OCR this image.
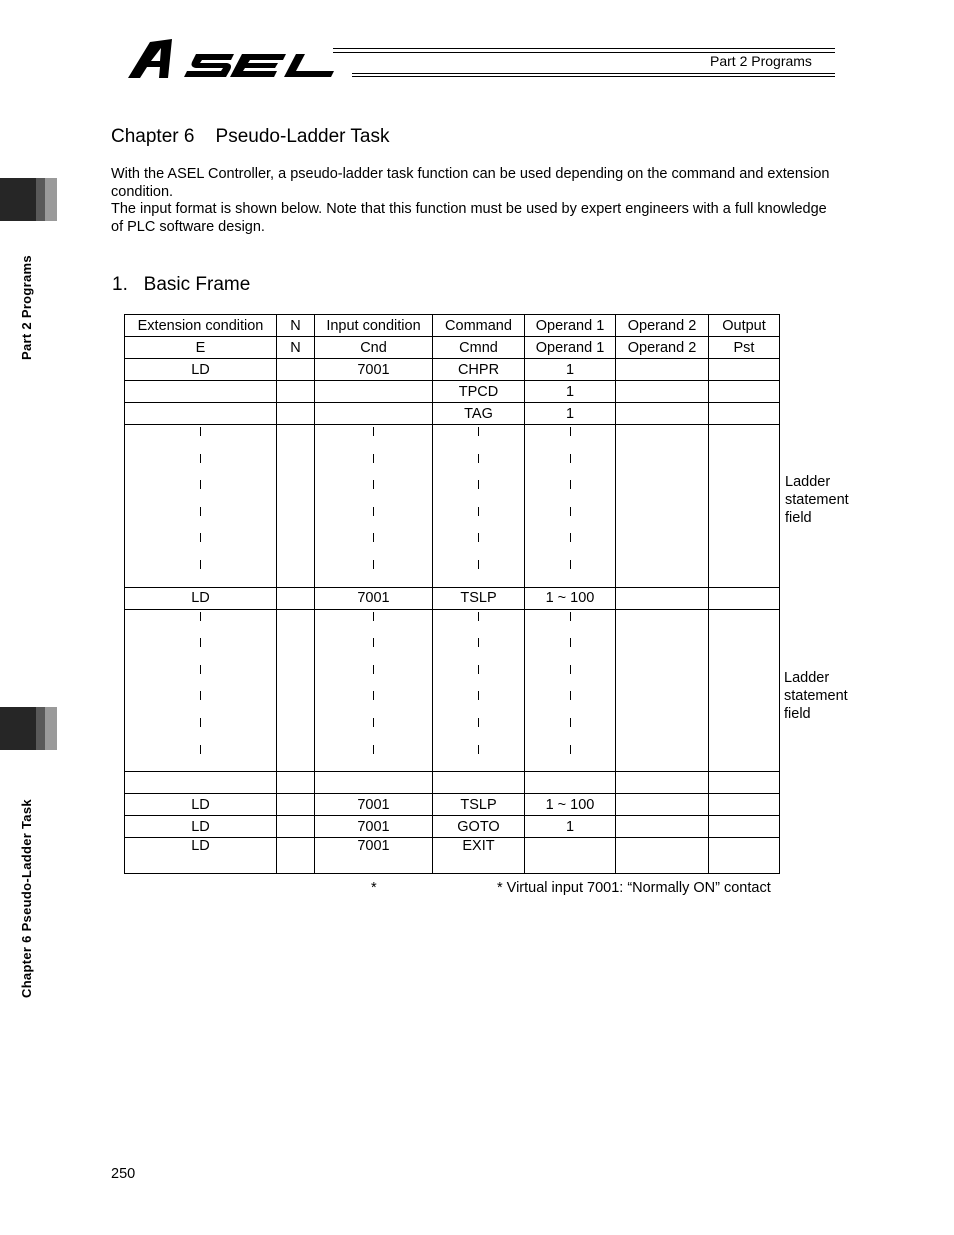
Part 2 Programs
Part 2 Programs
Chapter 6 Pseudo-Ladder Task
Chapter 6    Pseudo-Ladder Task

With the ASEL Controller, a pseudo-ladder task function can be used depending on the command and extension condition.

The input format is shown below. Note that this function must be used by expert engineers with a full knowledge of PLC software design.

1.   Basic Frame
Extension condition	N	Input condition	Command	Operand 1	Operand 2	Output
E	N	Cnd	Cmnd	Operand 1	Operand 2	Pst
LD		7001	CHPR	1		
			TPCD	1		
			TAG	1		

LD		7001	TSLP	1 ~ 100		

LD		7001	TSLP	1 ~ 100		
LD		7001	GOTO	1		
LD		7001	EXIT			
Ladder
statement
field
Ladder
statement
field
*	* Virtual input 7001: “Normally ON” contact
250
